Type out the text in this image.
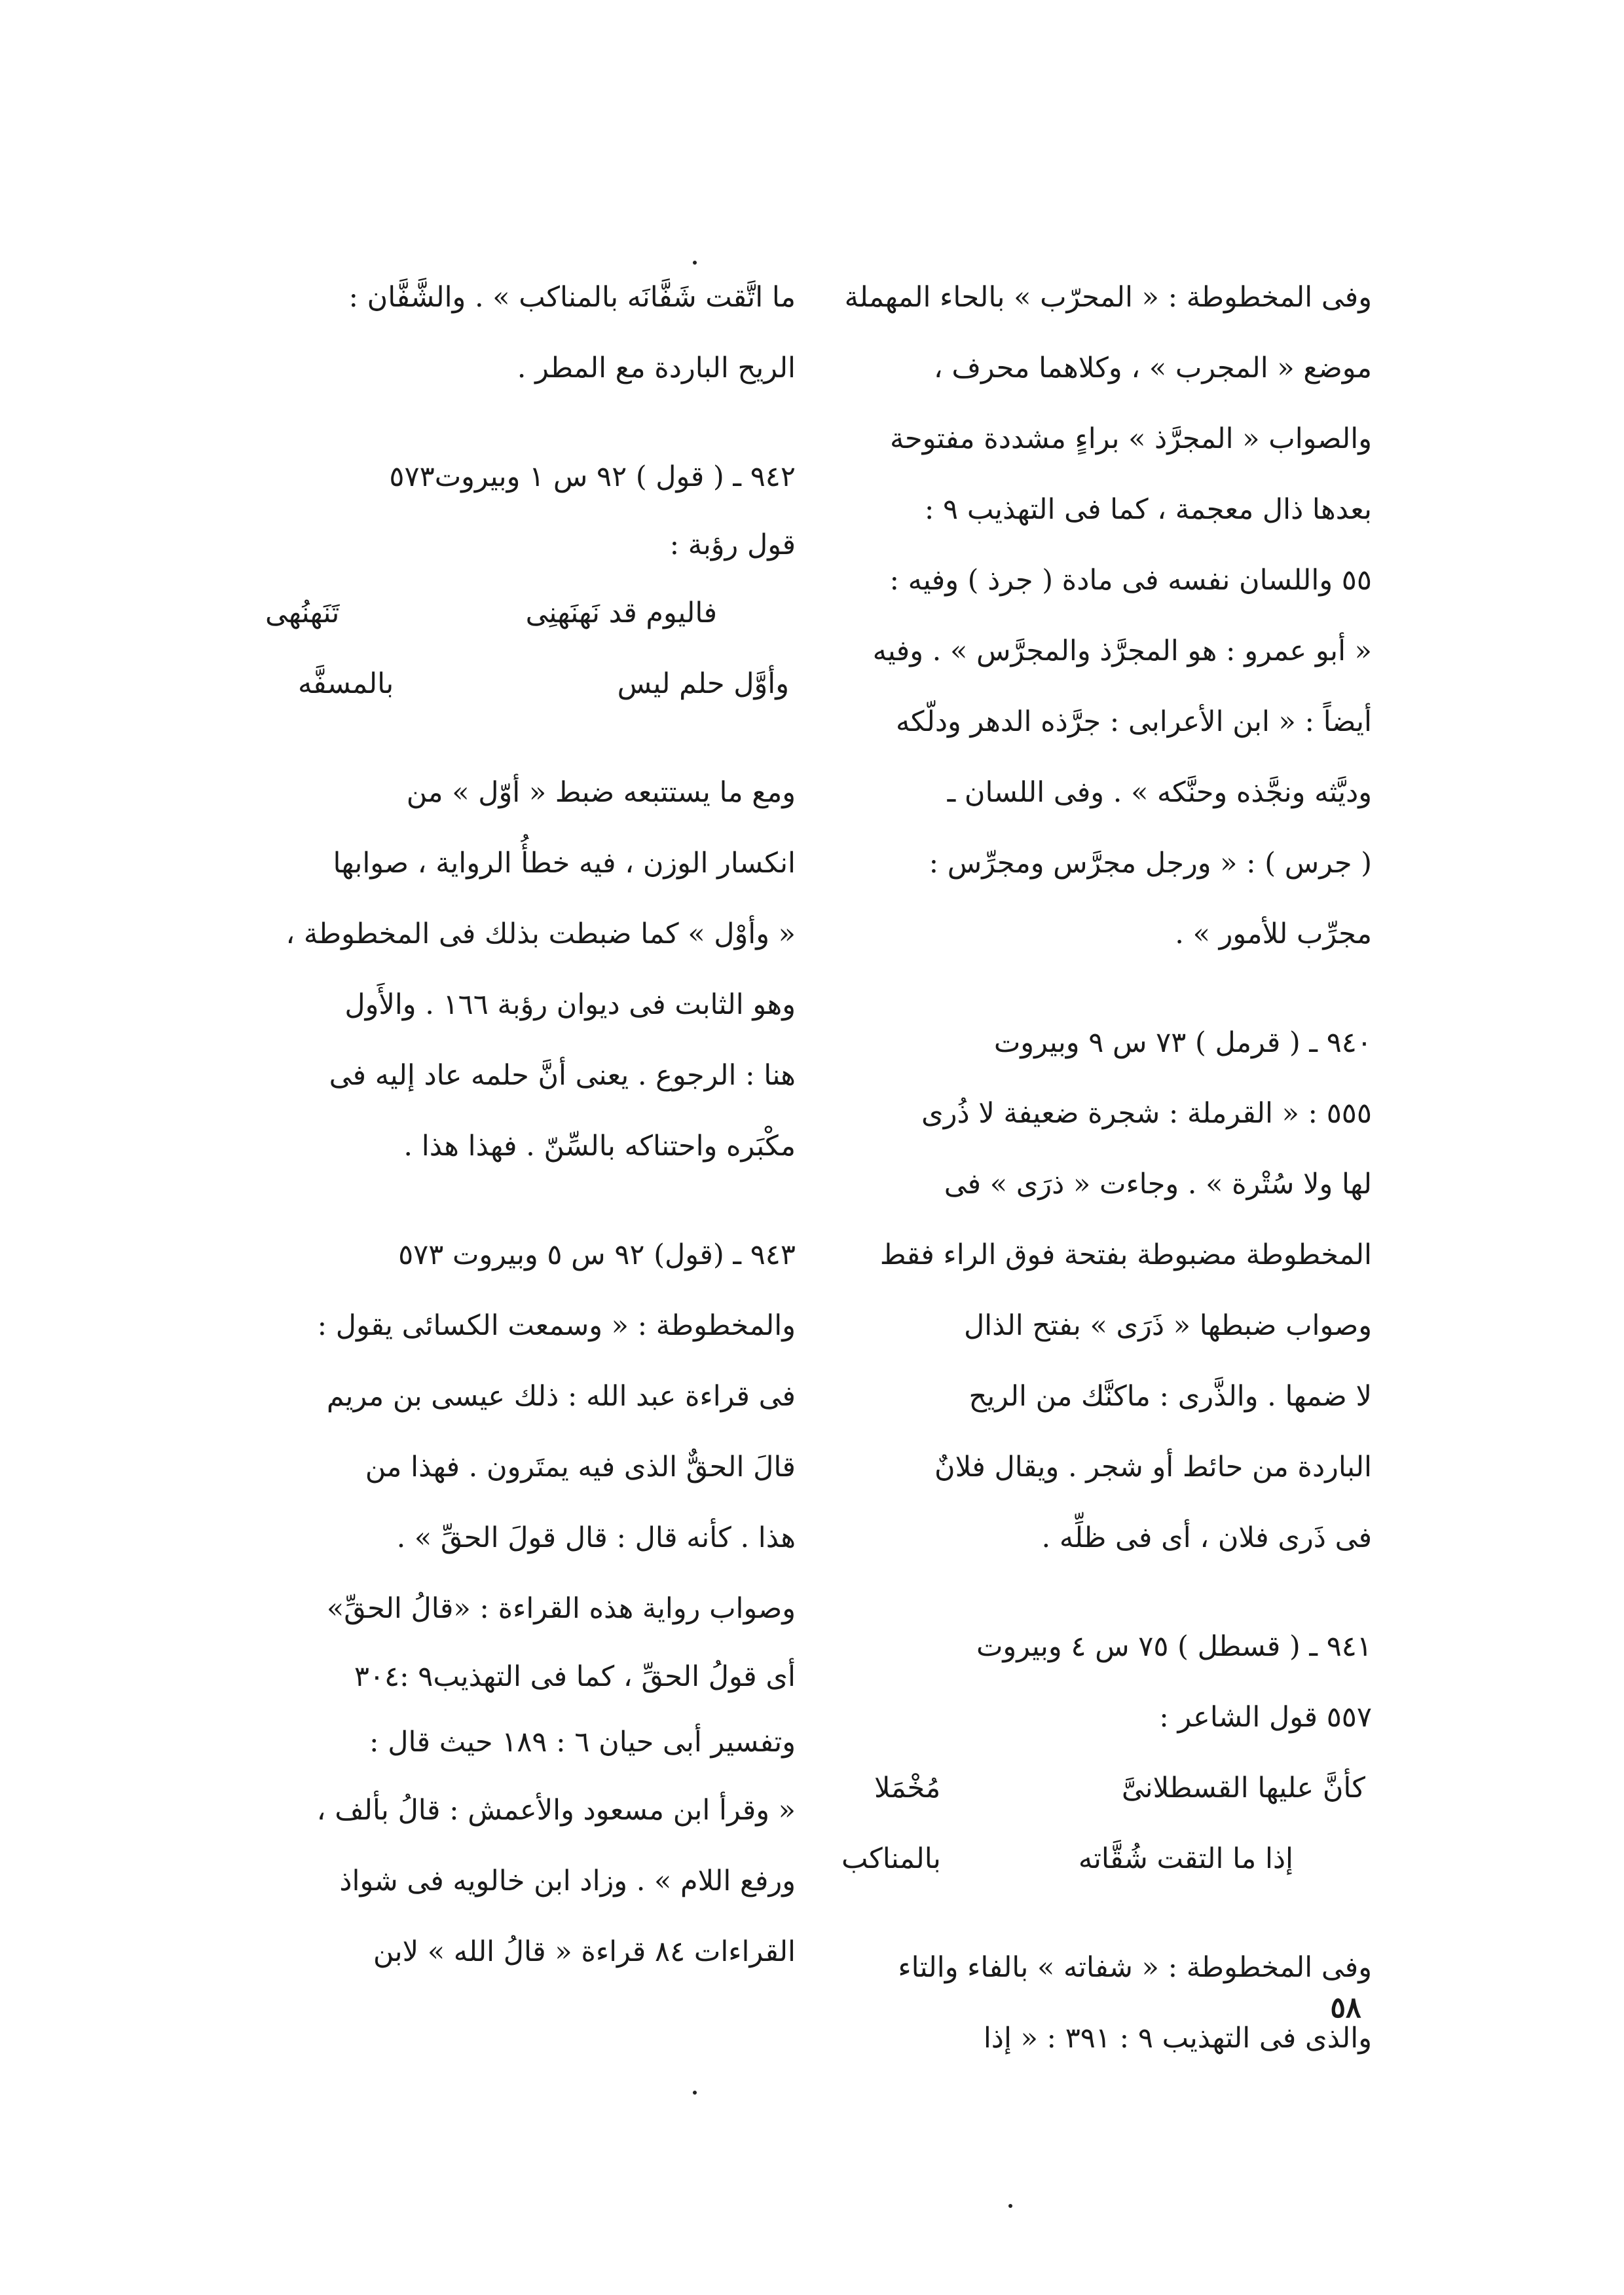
وفى المخطوطة : « المحرّب » بالحاء المهملة
موضع « المجرب » ، وكلاهما محرف ،
والصواب « المجرَّذ » براءٍ مشددة مفتوحة
بعدها ذال معجمة ، كما فى التهذيب ٩ :
٥٥ واللسان نفسه فى مادة ( جرذ ) وفيه :
« أبو عمرو : هو المجرَّذ والمجرَّس » . وفيه
أيضاً : « ابن الأعرابى : جرَّذه الدهر ودلّكه
وديَّثه ونجَّذه وحنَّكه » . وفى اللسان ـ
( جرس ) : « ورجل مجرَّس ومجرِّس :
مجرِّب للأمور » .
٩٤٠ ـ ( قرمل ) ٧٣ س ٩ وبيروت
٥٥٥ : « القرملة : شجرة ضعيفة لا ذُرى
لها ولا سُتْرة » . وجاءت « ذرَى » فى
المخطوطة مضبوطة بفتحة فوق الراء فقط
وصواب ضبطها « ذَرَى » بفتح الذال
لا ضمها . والذَّرى : ماكنَّك من الريح
الباردة من حائط أو شجر . ويقال فلانٌ
فى ذَرى فلان ، أى فى ظلِّه .
٩٤١ ـ ( قسطل ) ٧٥ س ٤ وبيروت
٥٥٧ قول الشاعر :
كأنَّ عليها القسطلانىَّ
مُخْمَلا
إذا ما التقت شُقَّاته
بالمناكب
وفى المخطوطة : « شفاته » بالفاء والتاء
والذى فى التهذيب ٩ : ٣٩١ : « إذا
ما اتَّقت شَفَّانَه بالمناكب » . والشَّفَّان :
الريح الباردة مع المطر .
٩٤٢ ـ ( قول ) ٩٢ س ١ وبيروت٥٧٣
قول رؤبة :
فاليوم قد نَهنَهنِى
تَنَهنُهى
وأوَّل حلم ليس
بالمسفَّه
ومع ما يستتبعه ضبط « أوّل » من
انكسار الوزن ، فيه خطأُ الرواية ، صوابها
« وأوْل » كما ضبطت بذلك فى المخطوطة ،
وهو الثابت فى ديوان رؤبة ١٦٦ . والأَول
هنا : الرجوع . يعنى أنَّ حلمه عاد إليه فى
مكْبَره واحتناكه بالسِّنّ . فهذا هذا .
٩٤٣ ـ (قول) ٩٢ س ٥ وبيروت ٥٧٣
والمخطوطة : « وسمعت الكسائى يقول :
فى قراءة عبد الله : ذلك عيسى بن مريم
قالَ الحقٌّ الذى فيه يمتَرون . فهذا من
هذا . كأنه قال : قال قولَ الحقِّ » .
وصواب رواية هذه القراءة : «قالُ الحقِّ»
أى قولُ الحقِّ ، كما فى التهذيب٩ :٣٠٤
وتفسير أبى حيان ٦ : ١٨٩ حيث قال :
« وقرأ ابن مسعود والأعمش : قالُ بألف ،
ورفع اللام » . وزاد ابن خالويه فى شواذ
القراءات ٨٤ قراءة « قالُ الله » لابن
٥٨
